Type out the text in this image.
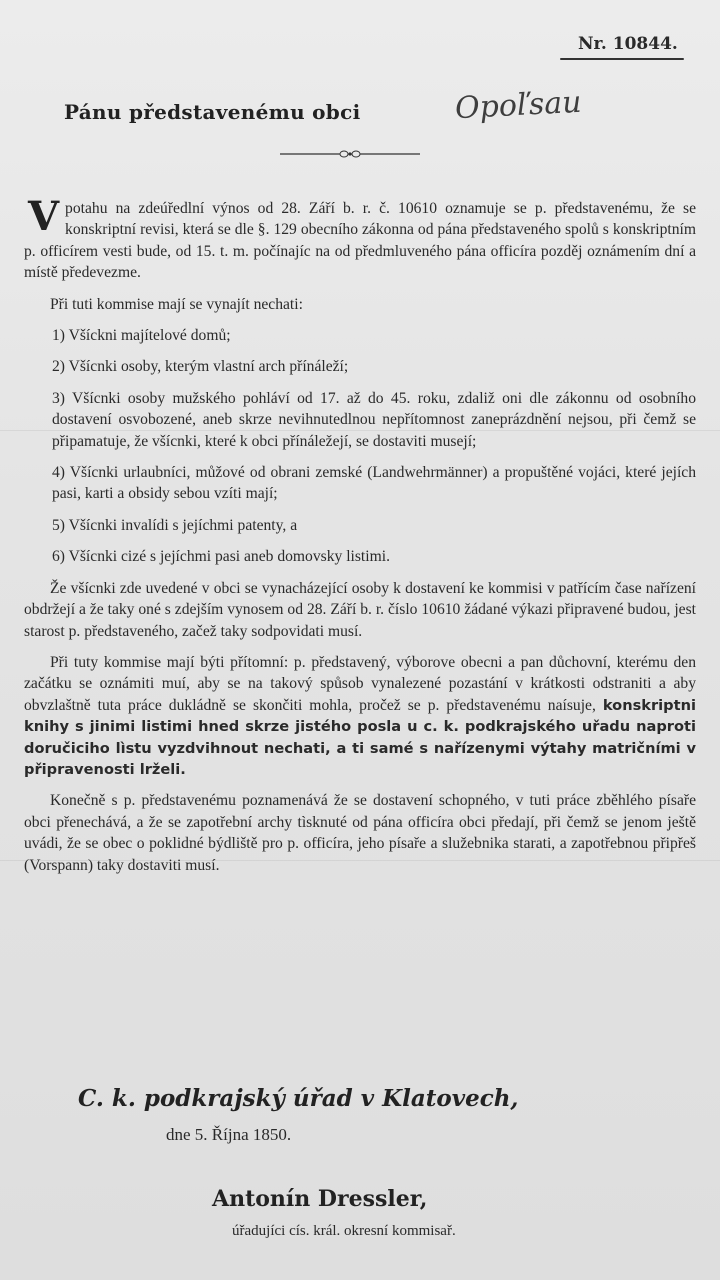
Nr. 10844.
Pánu představenému obci	Opoľsau

Vpotahu na zdeúředlní výnos od 28. Září b. r. č. 10610 oznamuje se p. představenému, že se konskriptní revisi, která se dle §. 129 obecního zákonna od pána představeného spolů s konskriptním p. officírem vesti bude, od 15. t. m. počínajíc na od předmluveného pána officíra pozděj oznámením dní a místě předevezme.

Při tuti kommise mají se vynajít nechati:

1) Všíckni majítelové domů;

2) Všícnki osoby, kterým vlastní arch přínáleží;

3) Všícnki osoby mužského pohláví od 17. až do 45. roku, zdaliž oni dle zákonnu od osobního dostavení osvobozené, aneb skrze nevihnutedlnou nepřítomnost zaneprázdnění nejsou, při čemž se připamatuje, že všícnki, které k obci přínáležejí, se dostaviti musejí;

4) Všícnki urlaubníci, můžové od obrani zemské (Landwehrmänner) a propuštěné vojáci, které jejích pasi, karti a obsidy sebou vzíti mají;

5) Všícnki invalídi s jejíchmi patenty, a

6) Všícnki cizé s jejíchmi pasi aneb domovsky listimi.

Že všícnki zde uvedené v obci se vynacházející osoby k dostavení ke kommisi v patřícím čase nařízení obdržejí a že taky oné s zdejším vynosem od 28. Září b. r. číslo 10610 žádané výkazi připravené budou, jest starost p. představeného, začež taky sodpovidati musí.

Při tuty kommise mají býti přítomní: p. představený, výborove obecni a pan důchovní, kterému den začátku se oznámiti muí, aby se na takový spůsob vynalezené pozastání v krátkosti odstraniti a aby obvzlaštně tuta práce dukládně se skončiti mohla, pročež se p. představenému naísuje, konskriptni knihy s jinimi listimi hned skrze jistého posla u c. k. podkrajského uřadu naproti doručiciho lìstu vyzdvihnout nechati, a ti samé s nařízenymi výtahy matričními v připravenosti lrželi.

Konečně s p. představenému poznamenává že se dostavení schopného, v tuti práce zběhlého písaře obci přenechává, a že se zapotřební archy tìsknuté od pána officíra obci předají, při čemž se jenom ještě uvádi, že se obec o poklidné býdliště pro p. officíra, jeho písaře a služebnika starati, a zapotřebnou připřeš (Vorspann) taky dostaviti musí.

C. k. podkrajský úřad v Klatovech,
dne 5. Října 1850.
Antonín Dressler,
úřadujíci cís. král. okresní kommisař.
